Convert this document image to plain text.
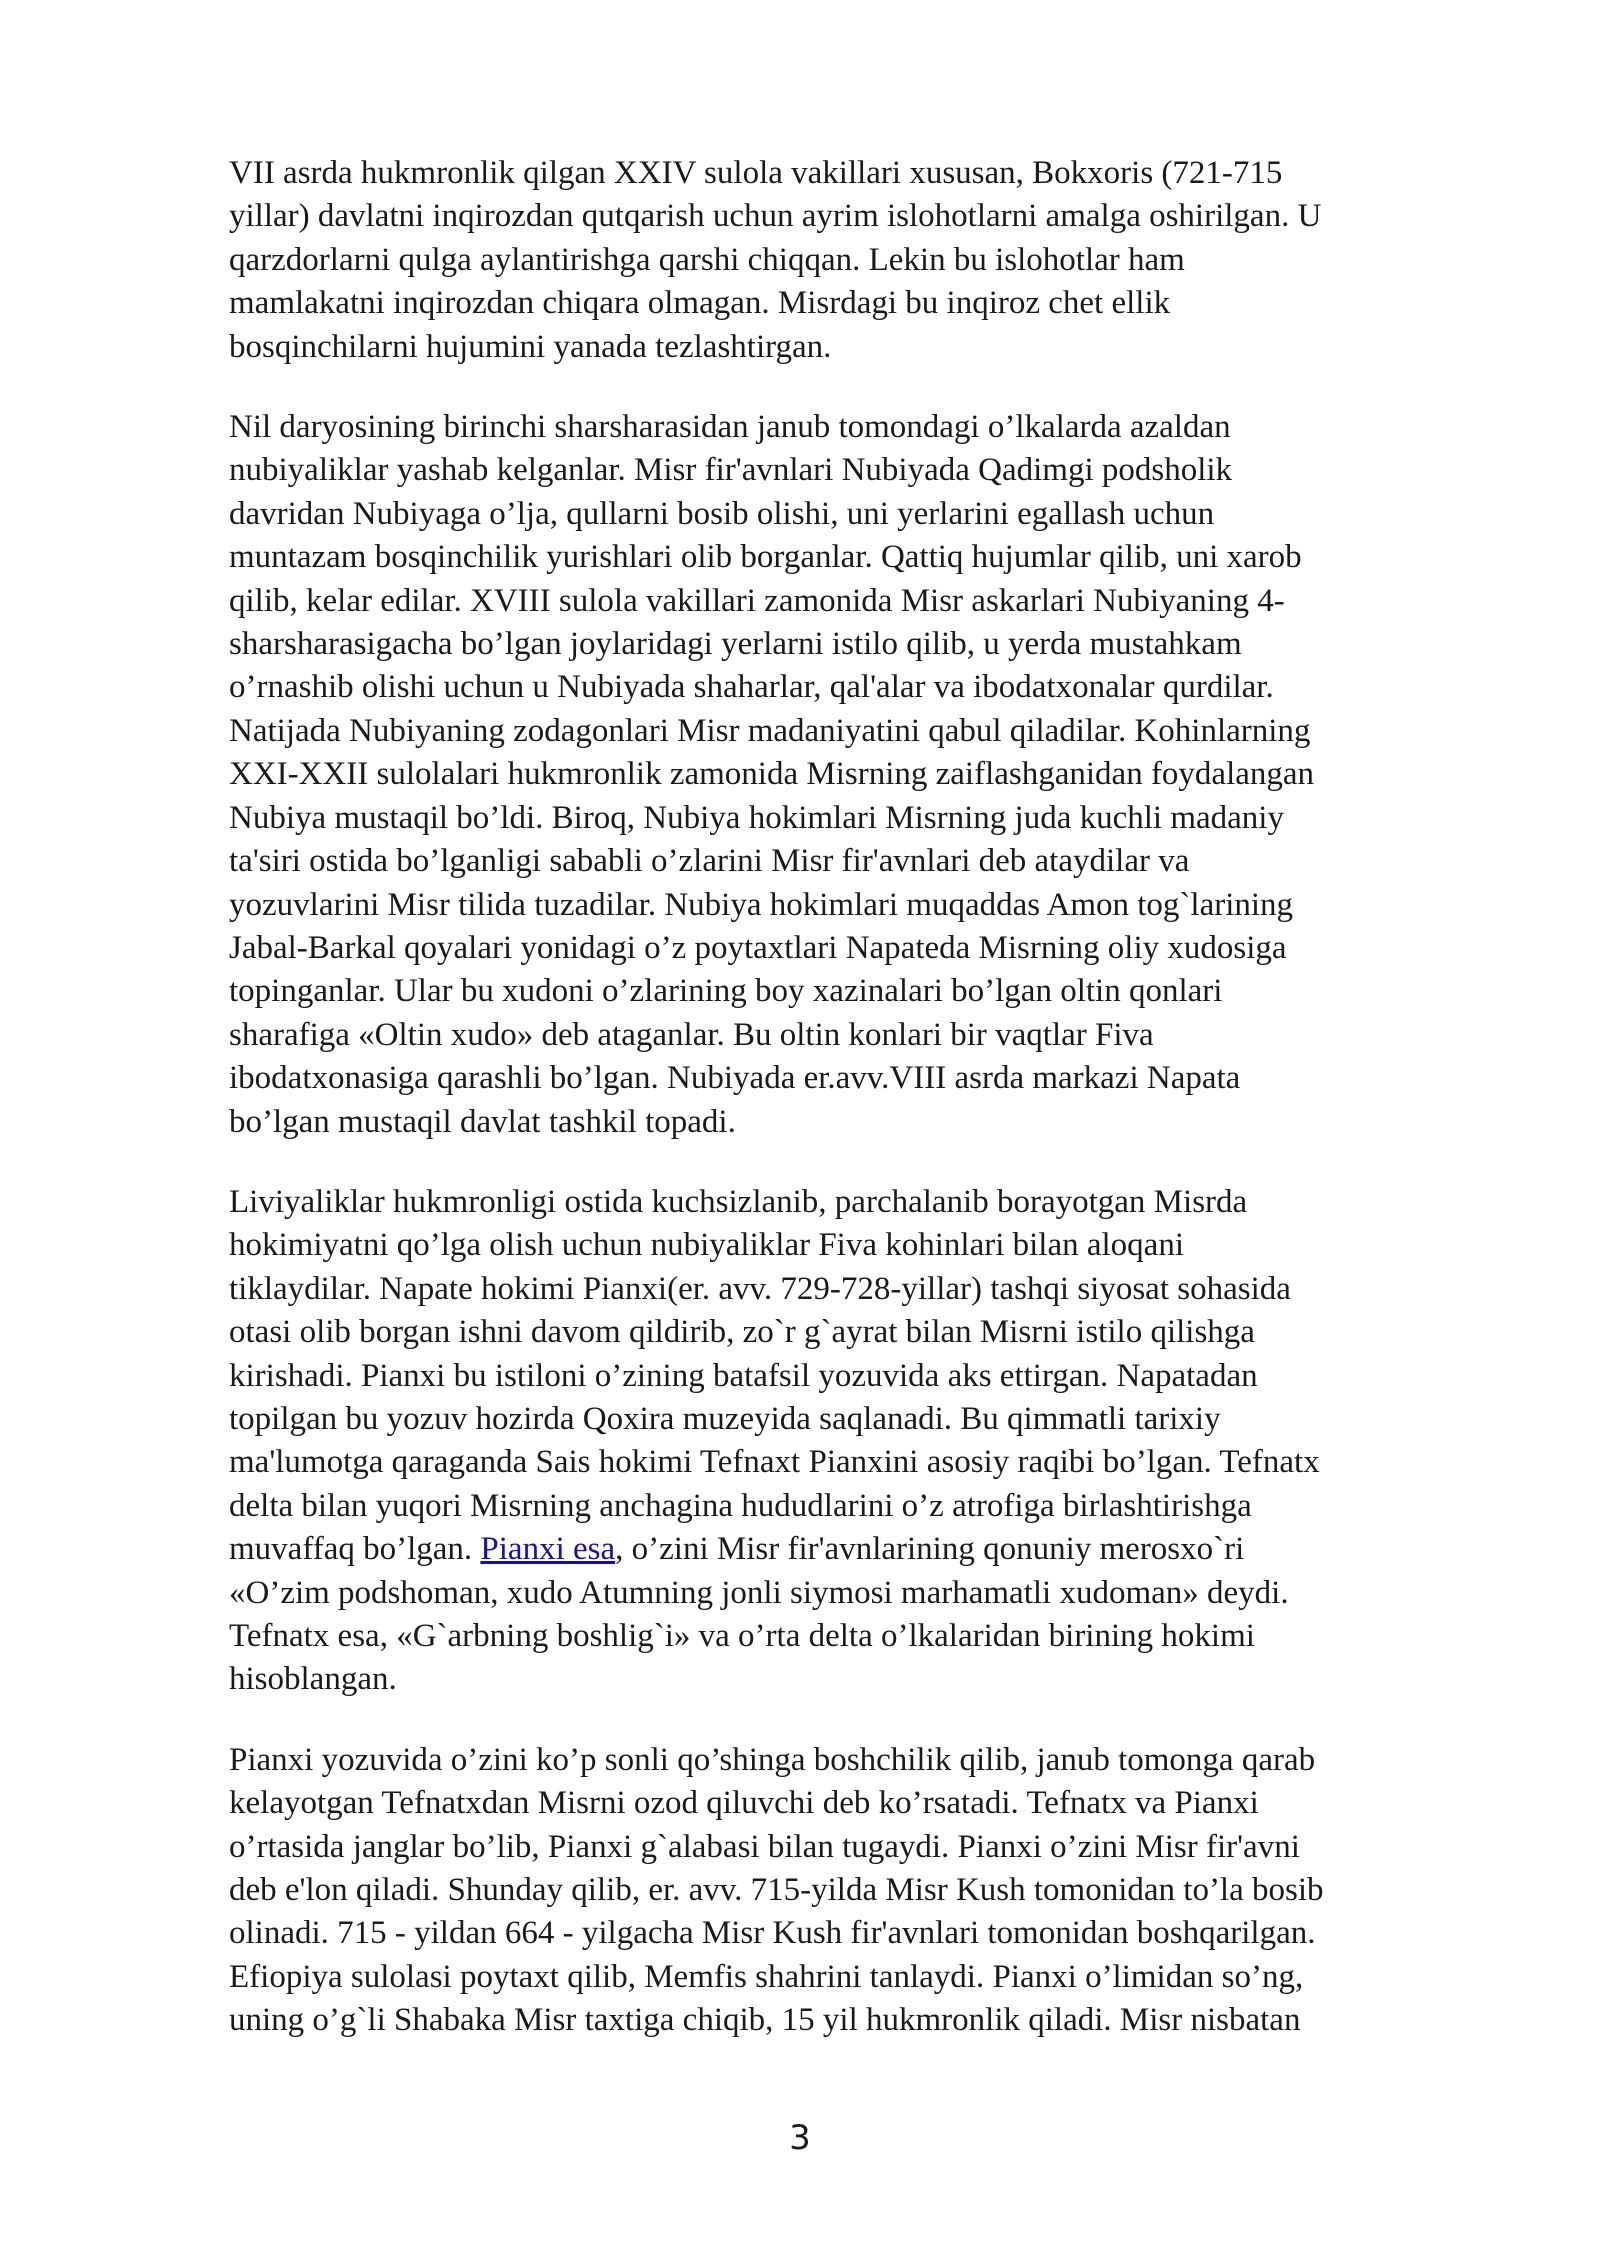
VII asrda hukmronlik qilgan XXIV sulola vakillari xususan, Bokxoris (721-715
yillar) davlatni inqirozdan qutqarish uchun ayrim islohotlarni amalga oshirilgan. U
qarzdorlarni qulga aylantirishga qarshi chiqqan. Lekin bu islohotlar ham
mamlakatni inqirozdan chiqara olmagan. Misrdagi bu inqiroz chet ellik
bosqinchilarni hujumini yanada tezlashtirgan.

Nil daryosining birinchi sharsharasidan janub tomondagi o’lkalarda azaldan
nubiyaliklar yashab kelganlar. Misr fir'avnlari Nubiyada Qadimgi podsholik
davridan Nubiyaga o’lja, qullarni bosib olishi, uni yerlarini egallash uchun
muntazam bosqinchilik yurishlari olib borganlar. Qattiq hujumlar qilib, uni xarob
qilib, kelar edilar. XVIII sulola vakillari zamonida Misr askarlari Nubiyaning 4-
sharsharasigacha bo’lgan joylaridagi yerlarni istilo qilib, u yerda mustahkam
o’rnashib olishi uchun u Nubiyada shaharlar, qal'alar va ibodatxonalar qurdilar.
Natijada Nubiyaning zodagonlari Misr madaniyatini qabul qiladilar. Kohinlarning
XXI-XXII sulolalari hukmronlik zamonida Misrning zaiflashganidan foydalangan
Nubiya mustaqil bo’ldi. Biroq, Nubiya hokimlari Misrning juda kuchli madaniy
ta'siri ostida bo’lganligi sababli o’zlarini Misr fir'avnlari deb ataydilar va
yozuvlarini Misr tilida tuzadilar. Nubiya hokimlari muqaddas Amon tog`larining
Jabal-Barkal qoyalari yonidagi o’z poytaxtlari Napateda Misrning oliy xudosiga
topinganlar. Ular bu xudoni o’zlarining boy xazinalari bo’lgan oltin qonlari
sharafiga «Oltin xudo» deb ataganlar. Bu oltin konlari bir vaqtlar Fiva
ibodatxonasiga qarashli bo’lgan. Nubiyada er.avv.VIII asrda markazi Napata
bo’lgan mustaqil davlat tashkil topadi.

Liviyaliklar hukmronligi ostida kuchsizlanib, parchalanib borayotgan Misrda
hokimiyatni qo’lga olish uchun nubiyaliklar Fiva kohinlari bilan aloqani
tiklaydilar. Napate hokimi Pianxi(er. avv. 729-728-yillar) tashqi siyosat sohasida
otasi olib borgan ishni davom qildirib, zo`r g`ayrat bilan Misrni istilo qilishga
kirishadi. Pianxi bu istiloni o’zining batafsil yozuvida aks ettirgan. Napatadan
topilgan bu yozuv hozirda Qoxira muzeyida saqlanadi. Bu qimmatli tarixiy
ma'lumotga qaraganda Sais hokimi Tefnaxt Pianxini asosiy raqibi bo’lgan. Tefnatx
delta bilan yuqori Misrning anchagina hududlarini o’z atrofiga birlashtirishga
muvaffaq bo’lgan. Pianxi esa, o’zini Misr fir'avnlarining qonuniy merosxo`ri
«O’zim podshoman, xudo Atumning jonli siymosi marhamatli xudoman» deydi.
Tefnatx esa, «G`arbning boshlig`i» va o’rta delta o’lkalaridan birining hokimi
hisoblangan.

Pianxi yozuvida o’zini ko’p sonli qo’shinga boshchilik qilib, janub tomonga qarab
kelayotgan Tefnatxdan Misrni ozod qiluvchi deb ko’rsatadi. Tefnatx va Pianxi
o’rtasida janglar bo’lib, Pianxi g`alabasi bilan tugaydi. Pianxi o’zini Misr fir'avni
deb e'lon qiladi. Shunday qilib, er. avv. 715-yilda Misr Kush tomonidan to’la bosib
olinadi. 715 - yildan 664 - yilgacha Misr Kush fir'avnlari tomonidan boshqarilgan.
Efiopiya sulolasi poytaxt qilib, Memfis shahrini tanlaydi. Pianxi o’limidan so’ng,
uning o’g`li Shabaka Misr taxtiga chiqib, 15 yil hukmronlik qiladi. Misr nisbatan

3
